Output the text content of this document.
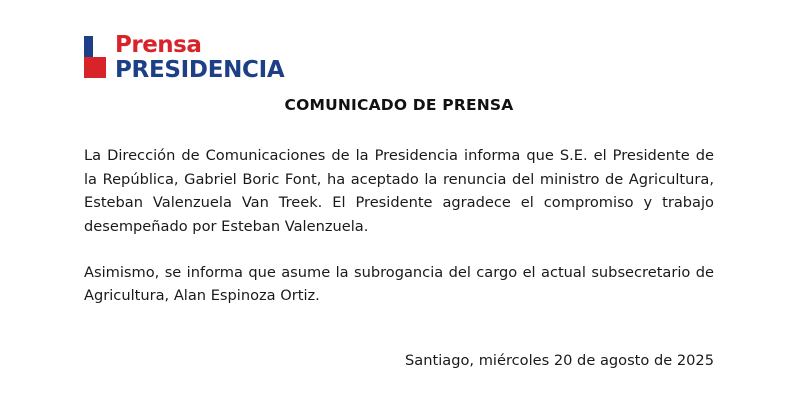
Prensa
PRESIDENCIA
COMUNICADO DE PRENSA

La Dirección de Comunicaciones de la Presidencia informa que S.E. el Presidente de la República, Gabriel Boric Font, ha aceptado la renuncia del ministro de Agricultura, Esteban Valenzuela Van Treek. El Presidente agradece el compromiso y trabajo desempeñado por Esteban Valenzuela.

Asimismo, se informa que asume la subrogancia del cargo el actual subsecretario de Agricultura, Alan Espinoza Ortiz.

Santiago, miércoles 20 de agosto de 2025
